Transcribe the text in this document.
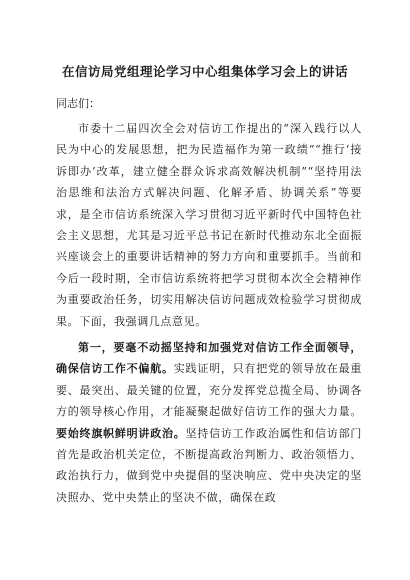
在信访局党组理论学习中心组集体学习会上的讲话

同志们：

市委十二届四次全会对信访工作提出的“深入践行以人民为中心的发展思想，把为民造福作为第一政绩”“推行‘接诉即办’改革，建立健全群众诉求高效解决机制”“坚持用法治思维和法治方式解决问题、化解矛盾、协调关系”等要求，是全市信访系统深入学习贯彻习近平新时代中国特色社会主义思想，尤其是习近平总书记在新时代推动东北全面振兴座谈会上的重要讲话精神的努力方向和重要抓手。当前和今后一段时期，全市信访系统将把学习贯彻本次全会精神作为重要政治任务，切实用解决信访问题成效检验学习贯彻成果。下面，我强调几点意见。

第一，要毫不动摇坚持和加强党对信访工作全面领导，确保信访工作不偏航。实践证明，只有把党的领导放在最重要、最突出、最关键的位置，充分发挥党总揽全局、协调各方的领导核心作用，才能凝聚起做好信访工作的强大力量。要始终旗帜鲜明讲政治。坚持信访工作政治属性和信访部门首先是政治机关定位，不断提高政治判断力、政治领悟力、政治执行力，做到党中央提倡的坚决响应、党中央决定的坚决照办、党中央禁止的坚决不做，确保在政
